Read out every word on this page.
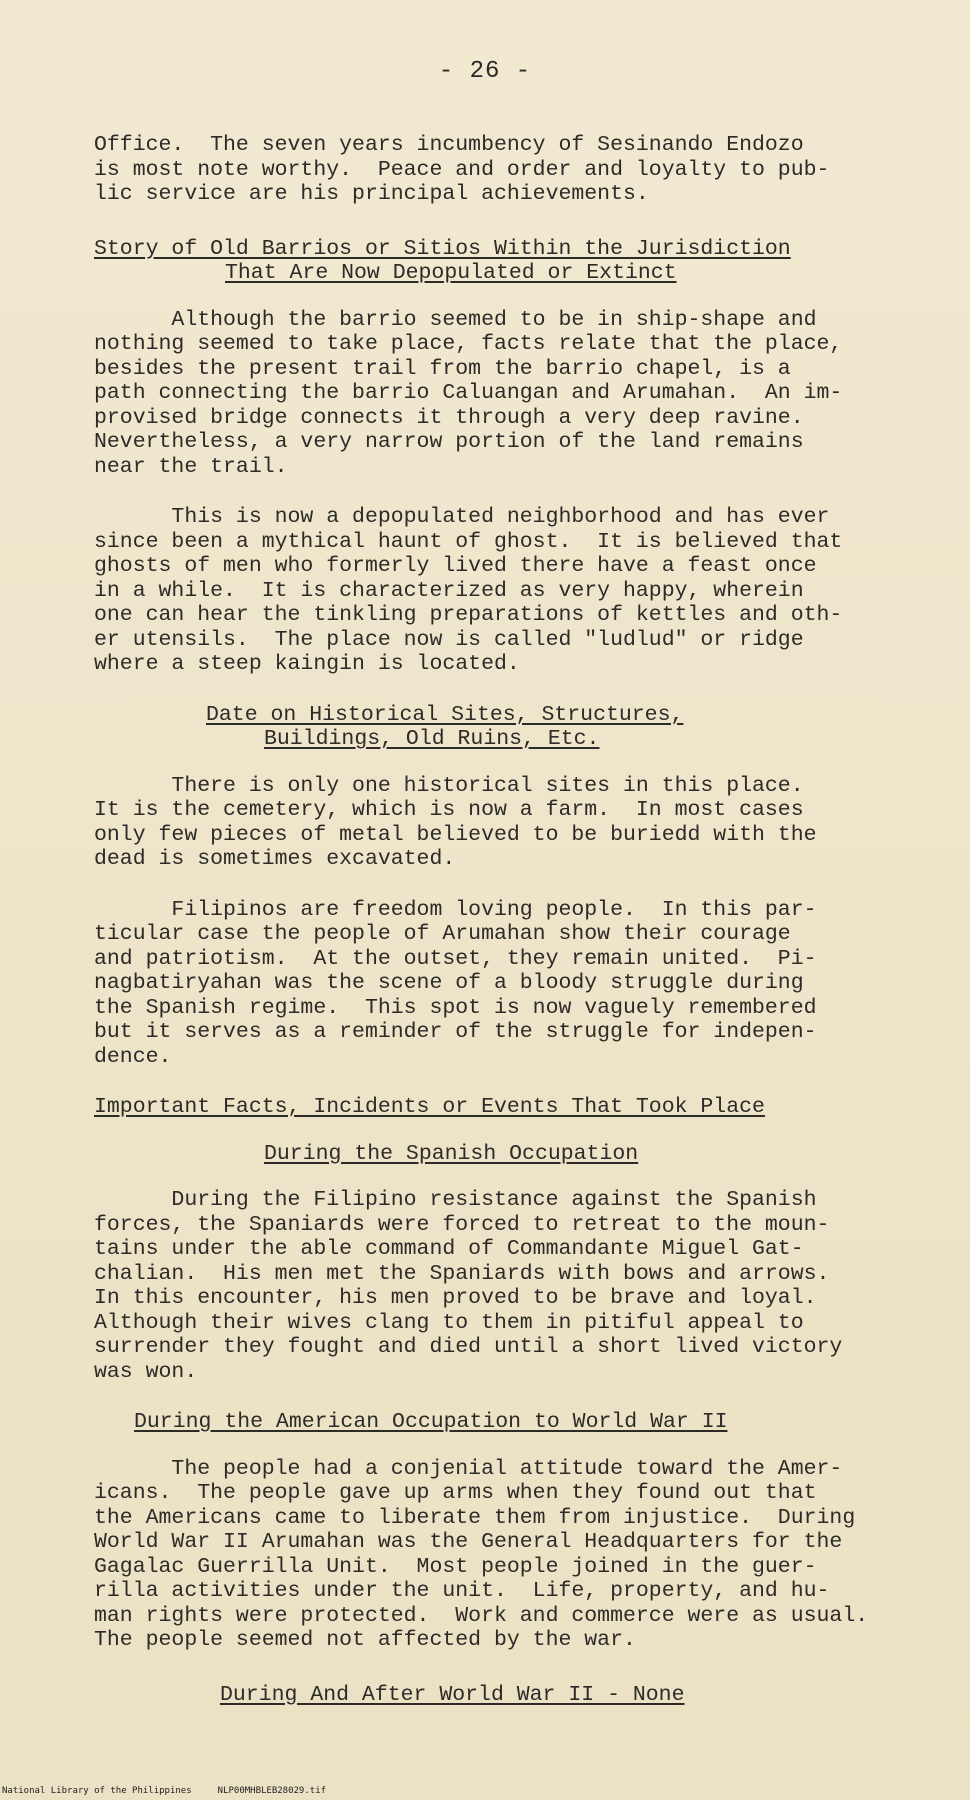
- 26 -

Office.  The seven years incumbency of Sesinando Endozo
is most note worthy.  Peace and order and loyalty to pub-
lic service are his principal achievements.

Story of Old Barrios or Sitios Within the Jurisdiction

That Are Now Depopulated or Extinct

Although the barrio seemed to be in ship-shape and
nothing seemed to take place, facts relate that the place,
besides the present trail from the barrio chapel, is a
path connecting the barrio Caluangan and Arumahan.  An im-
provised bridge connects it through a very deep ravine.
Nevertheless, a very narrow portion of the land remains
near the trail.

This is now a depopulated neighborhood and has ever
since been a mythical haunt of ghost.  It is believed that
ghosts of men who formerly lived there have a feast once
in a while.  It is characterized as very happy, wherein
one can hear the tinkling preparations of kettles and oth-
er utensils.  The place now is called "ludlud" or ridge
where a steep kaingin is located.

Date on Historical Sites, Structures,

Buildings, Old Ruins, Etc.

There is only one historical sites in this place.
It is the cemetery, which is now a farm.  In most cases
only few pieces of metal believed to be buriedd with the
dead is sometimes excavated.

Filipinos are freedom loving people.  In this par-
ticular case the people of Arumahan show their courage
and patriotism.  At the outset, they remain united.  Pi-
nagbatiryahan was the scene of a bloody struggle during
the Spanish regime.  This spot is now vaguely remembered
but it serves as a reminder of the struggle for indepen-
dence.

Important Facts, Incidents or Events That Took Place

During the Spanish Occupation

During the Filipino resistance against the Spanish
forces, the Spaniards were forced to retreat to the moun-
tains under the able command of Commandante Miguel Gat-
chalian.  His men met the Spaniards with bows and arrows.
In this encounter, his men proved to be brave and loyal.
Although their wives clang to them in pitiful appeal to
surrender they fought and died until a short lived victory
was won.

During the American Occupation to World War II

The people had a conjenial attitude toward the Amer-
icans.  The people gave up arms when they found out that
the Americans came to liberate them from injustice.  During
World War II Arumahan was the General Headquarters for the
Gagalac Guerrilla Unit.  Most people joined in the guer-
rilla activities under the unit.  Life, property, and hu-
man rights were protected.  Work and commerce were as usual.
The people seemed not affected by the war.

During And After World War II - None

National Library of the Philippines	NLP00MHBLEB28029.tif
